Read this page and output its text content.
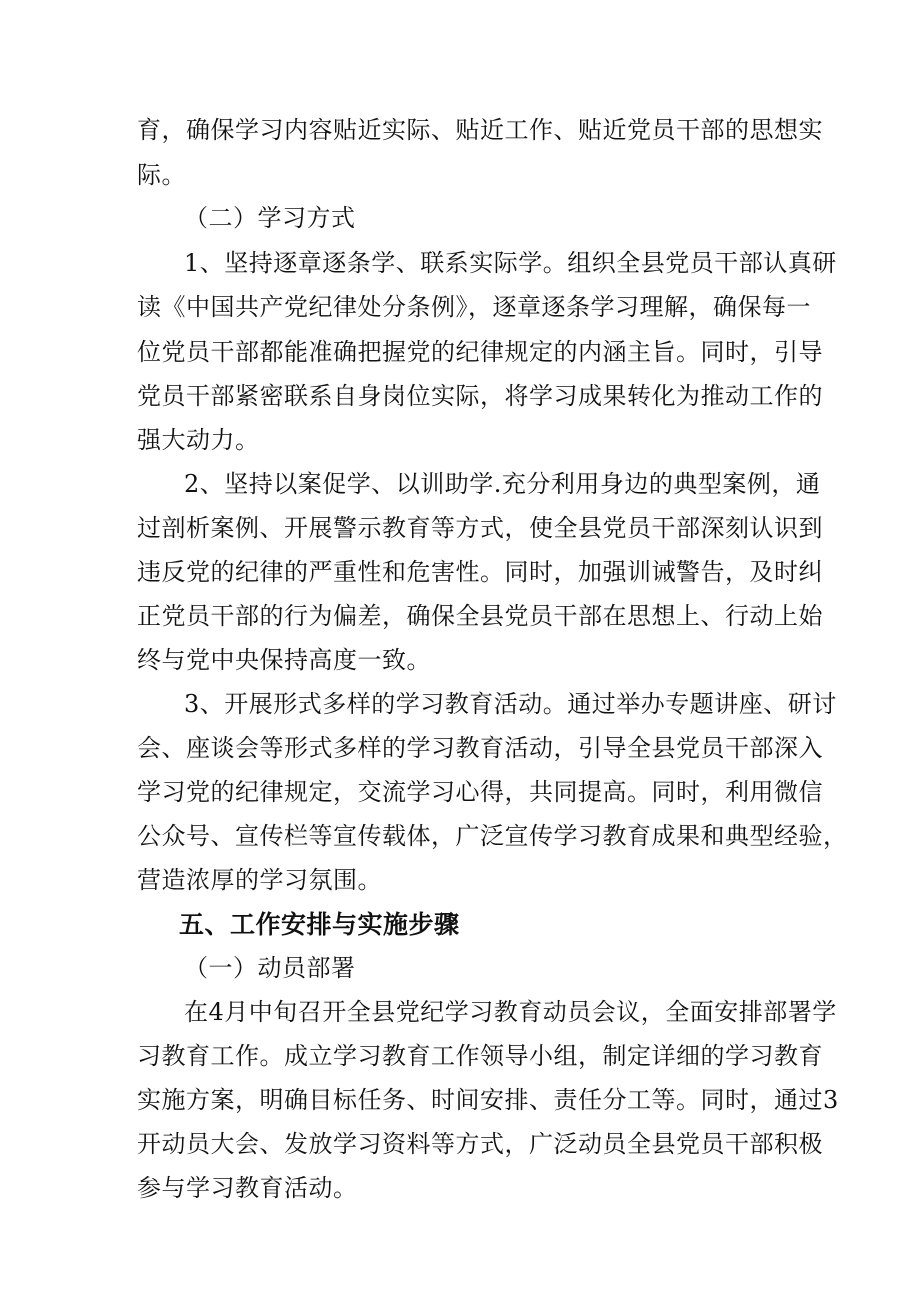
育，确保学习内容贴近实际、贴近工作、贴近党员干部的思想实
际。
（二）学习方式
1、坚持逐章逐条学、联系实际学。组织全县党员干部认真研
读《中国共产党纪律处分条例》，逐章逐条学习理解，确保每一
位党员干部都能准确把握党的纪律规定的内涵主旨。同时，引导
党员干部紧密联系自身岗位实际，将学习成果转化为推动工作的
强大动力。
2、坚持以案促学、以训助学.充分利用身边的典型案例，通
过剖析案例、开展警示教育等方式，使全县党员干部深刻认识到
违反党的纪律的严重性和危害性。同时，加强训诫警告，及时纠
正党员干部的行为偏差，确保全县党员干部在思想上、行动上始
终与党中央保持高度一致。
3、开展形式多样的学习教育活动。通过举办专题讲座、研讨
会、座谈会等形式多样的学习教育活动，引导全县党员干部深入
学习党的纪律规定，交流学习心得，共同提高。同时，利用微信
公众号、宣传栏等宣传载体，广泛宣传学习教育成果和典型经验，
营造浓厚的学习氛围。
五、工作安排与实施步骤
（一）动员部署
在4月中旬召开全县党纪学习教育动员会议，全面安排部署学
习教育工作。成立学习教育工作领导小组，制定详细的学习教育
实施方案，明确目标任务、时间安排、责任分工等。同时，通过3
开动员大会、发放学习资料等方式，广泛动员全县党员干部积极
参与学习教育活动。
